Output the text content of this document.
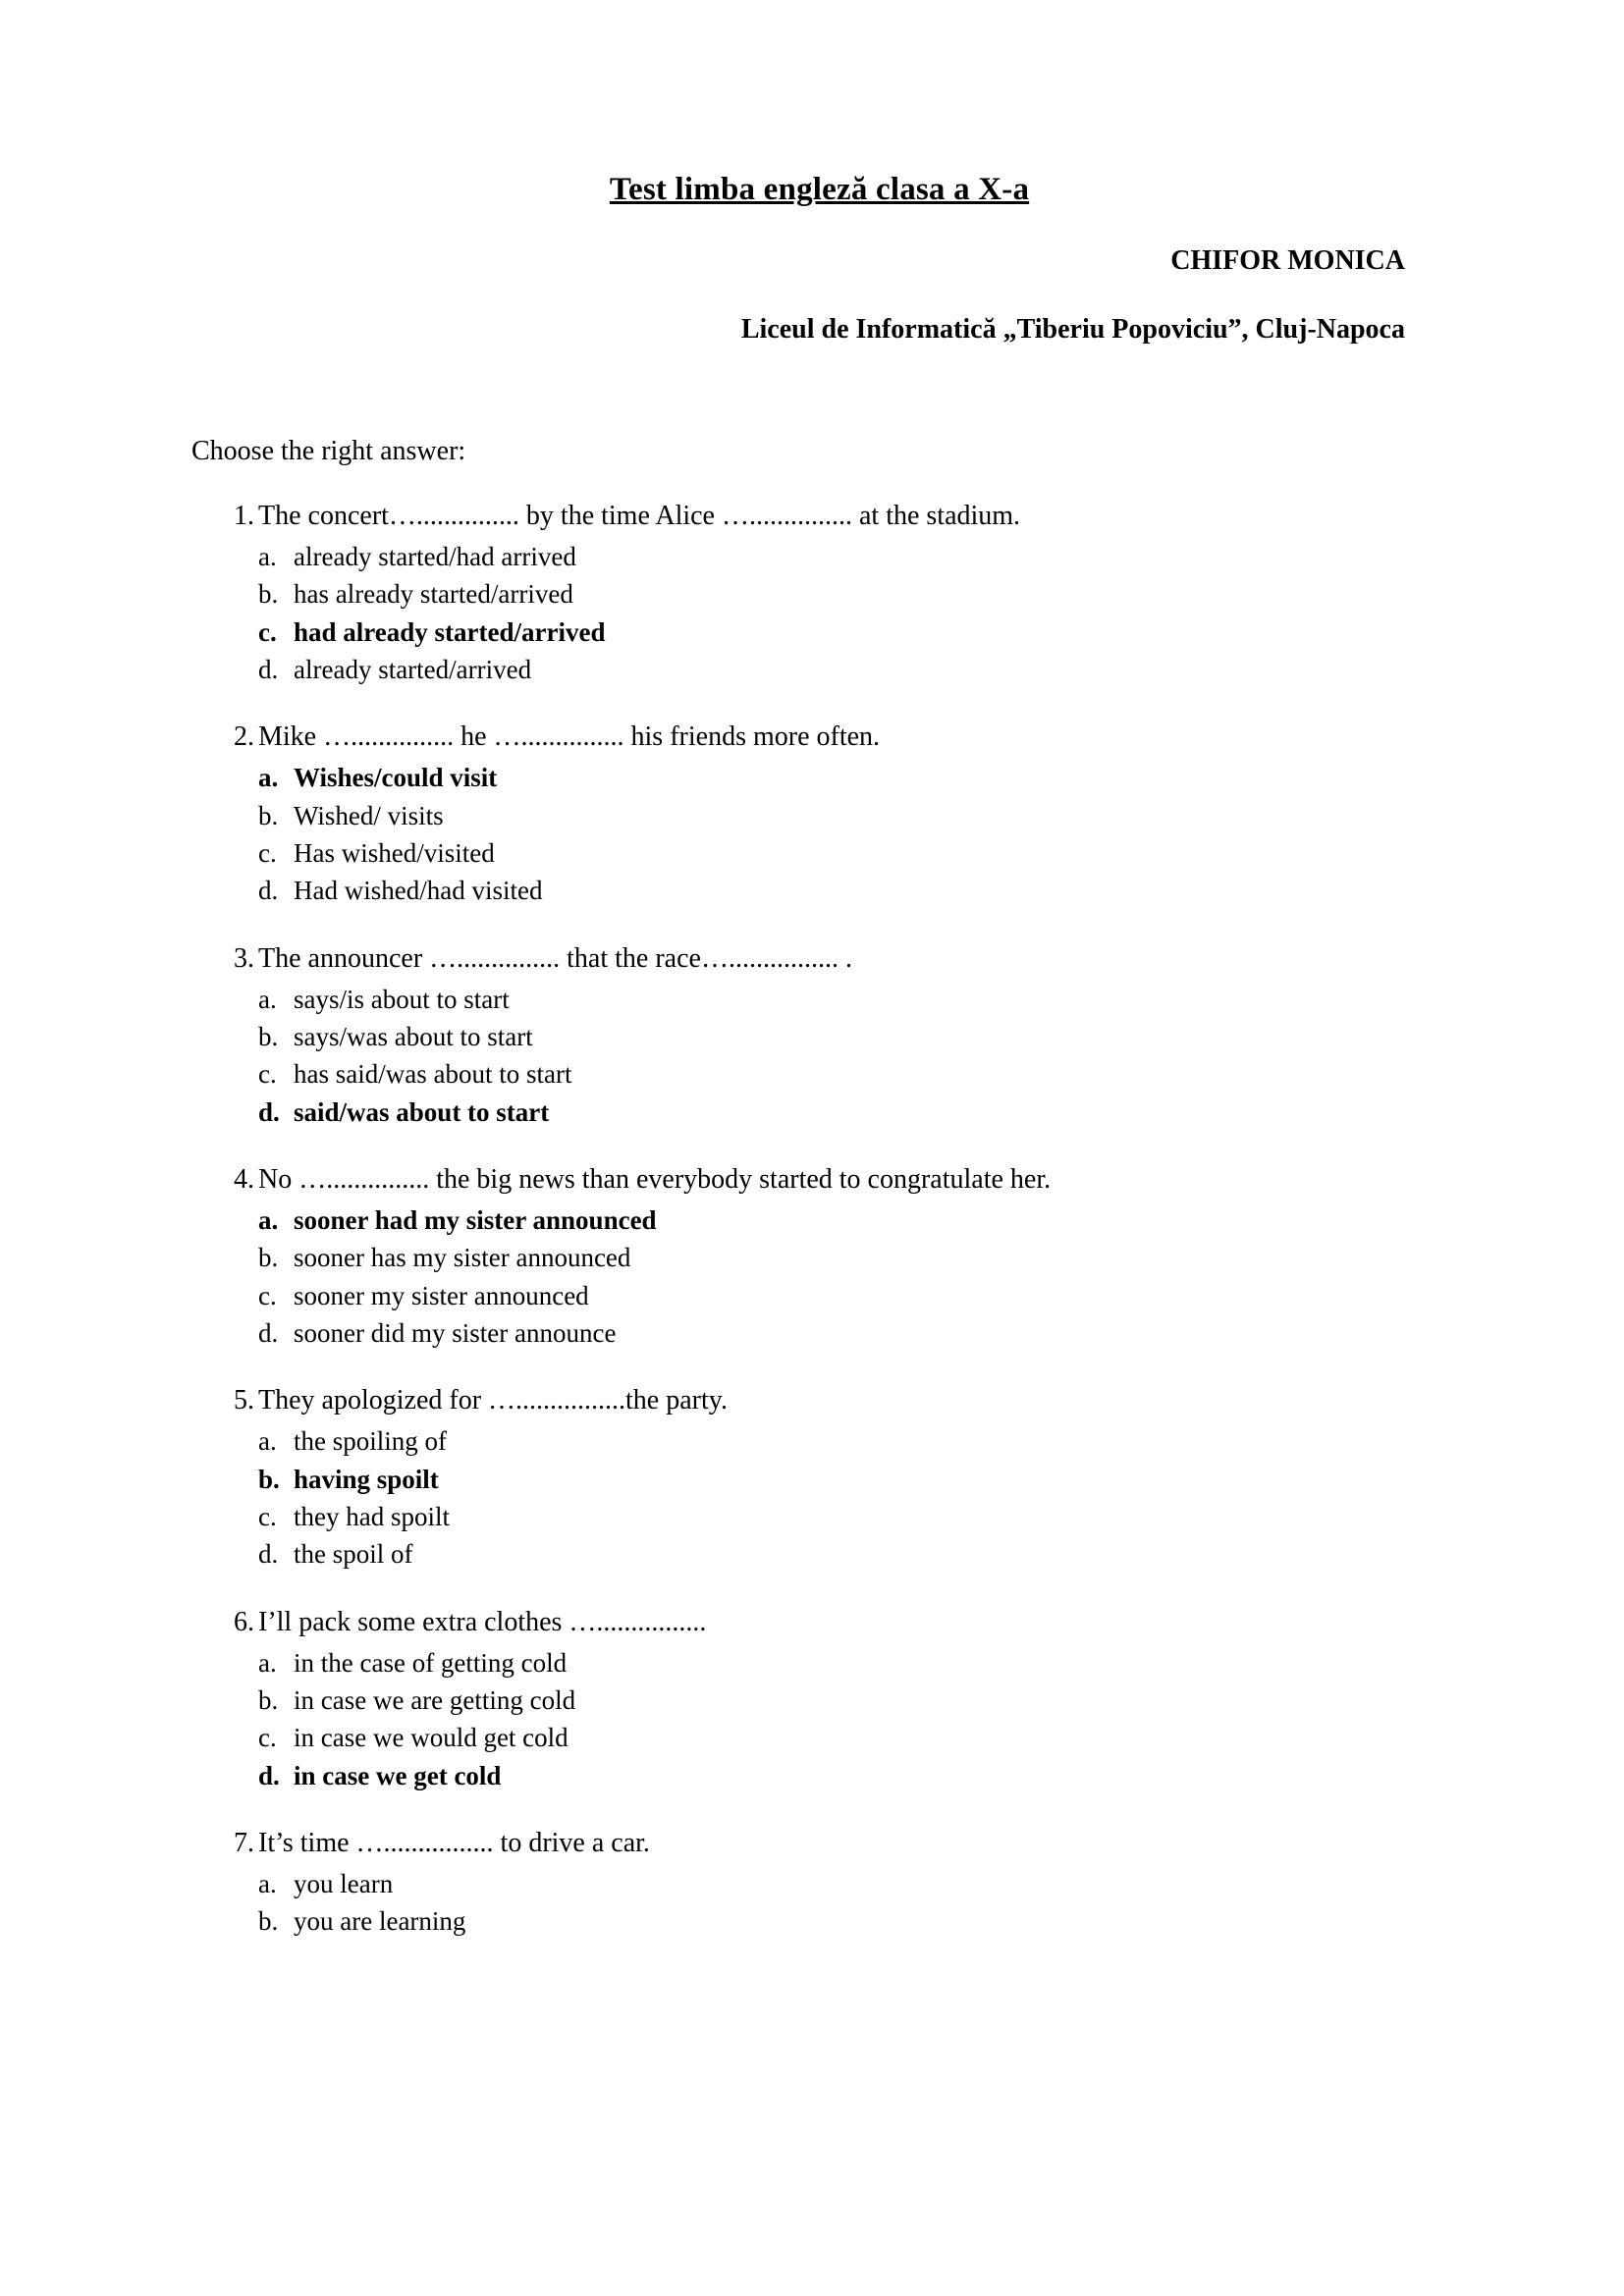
Test limba engleză clasa a X-a
CHIFOR MONICA
Liceul de Informatică „Tiberiu Popoviciu”, Cluj-Napoca

Choose the right answer:

1. The concert…............... by the time Alice …............... at the stadium.
a. already started/had arrived
b. has already started/arrived
c. had already started/arrived
d. already started/arrived
2. Mike …............... he …............... his friends more often.
a. Wishes/could visit
b. Wished/ visits
c. Has wished/visited
d. Had wished/had visited
3. The announcer …............... that the race…................ .
a. says/is about to start
b. says/was about to start
c. has said/was about to start
d. said/was about to start
4. No …............... the big news than everybody started to congratulate her.
a. sooner had my sister announced
b. sooner has my sister announced
c. sooner my sister announced
d. sooner did my sister announce
5. They apologized for …................the party.
a. the spoiling of
b. having spoilt
c. they had spoilt
d. the spoil of
6. I’ll pack some extra clothes …................
a. in the case of getting cold
b. in case we are getting cold
c. in case we would get cold
d. in case we get cold
7. It’s time …................ to drive a car.
a. you learn
b. you are learning
